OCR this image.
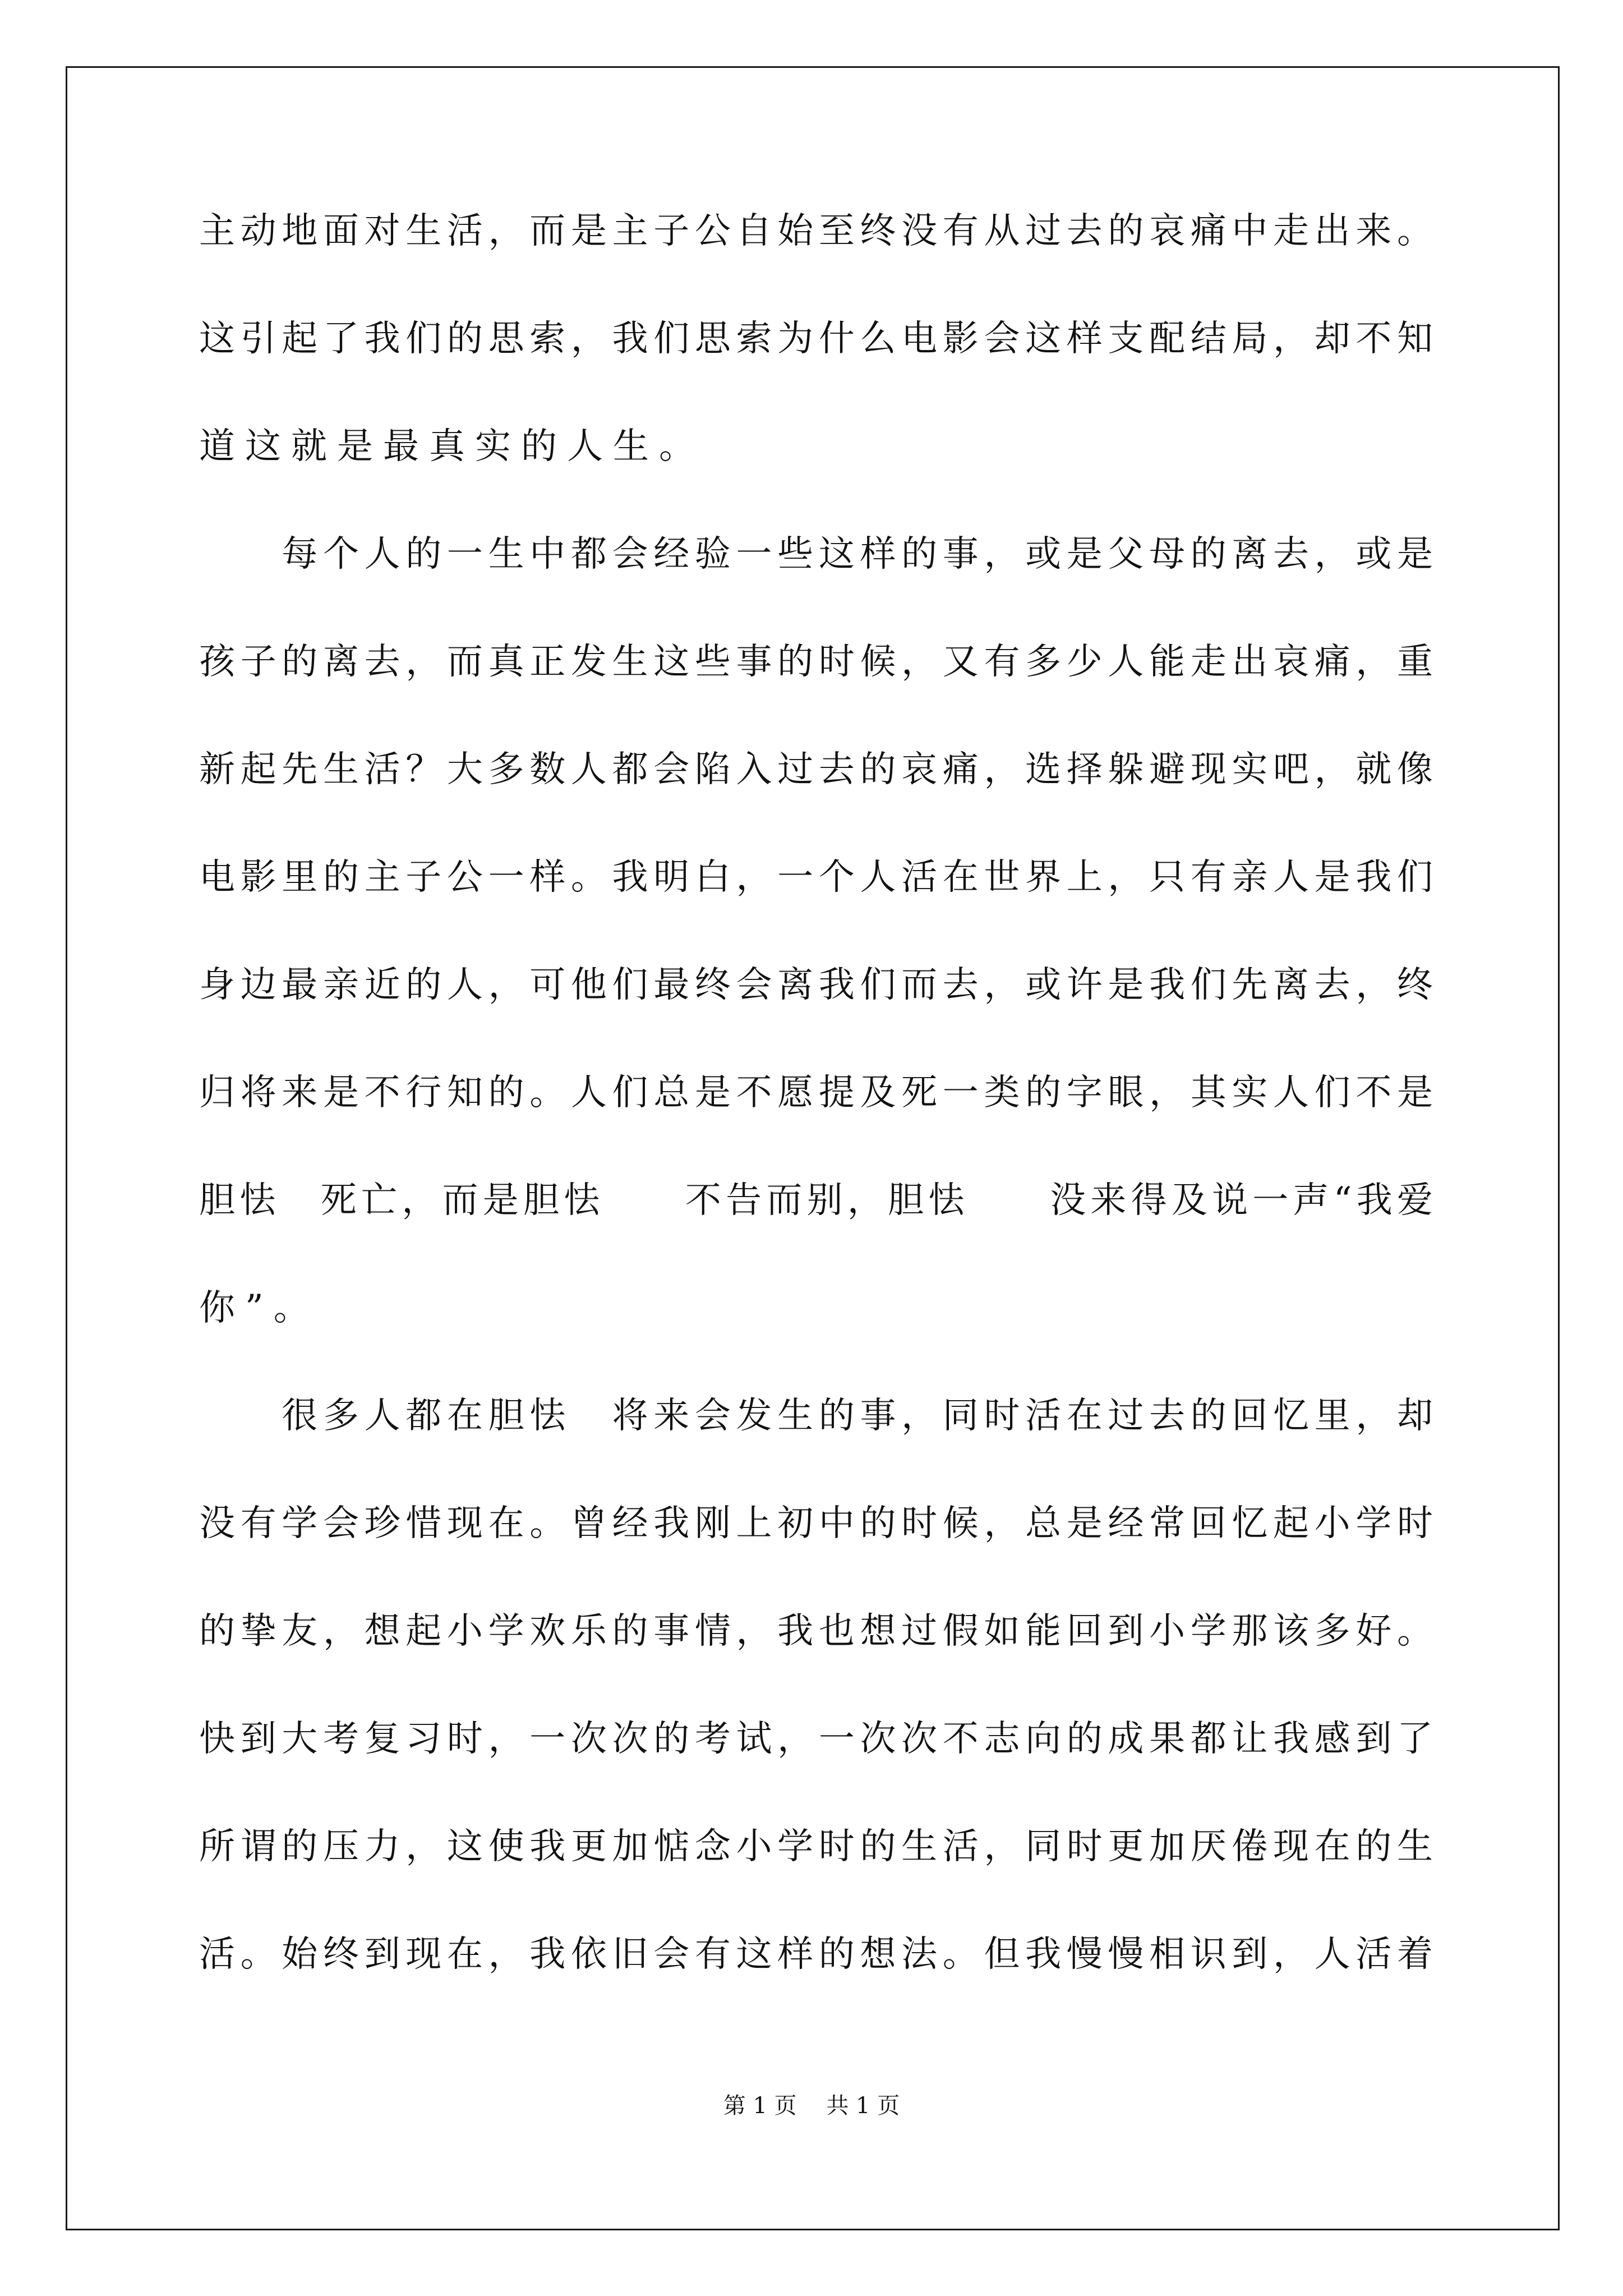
主动地面对生活，而是主子公自始至终没有从过去的哀痛中走出来。
这引起了我们的思索，我们思索为什么电影会这样支配结局，却不知
道这就是最真实的人生。
　　每个人的一生中都会经验一些这样的事，或是父母的离去，或是
孩子的离去，而真正发生这些事的时候，又有多少人能走出哀痛，重
新起先生活？大多数人都会陷入过去的哀痛，选择躲避现实吧，就像
电影里的主子公一样。我明白，一个人活在世界上，只有亲人是我们
身边最亲近的人，可他们最终会离我们而去，或许是我们先离去，终
归将来是不行知的。人们总是不愿提及死一类的字眼，其实人们不是
胆怯　死亡，而是胆怯　　不告而别，胆怯　　没来得及说一声“我爱
你”。
　　很多人都在胆怯　将来会发生的事，同时活在过去的回忆里，却
没有学会珍惜现在。曾经我刚上初中的时候，总是经常回忆起小学时
的挚友，想起小学欢乐的事情，我也想过假如能回到小学那该多好。
快到大考复习时，一次次的考试，一次次不志向的成果都让我感到了
所谓的压力，这使我更加惦念小学时的生活，同时更加厌倦现在的生
活。始终到现在，我依旧会有这样的想法。但我慢慢相识到，人活着
第 1 页　 共 1 页
